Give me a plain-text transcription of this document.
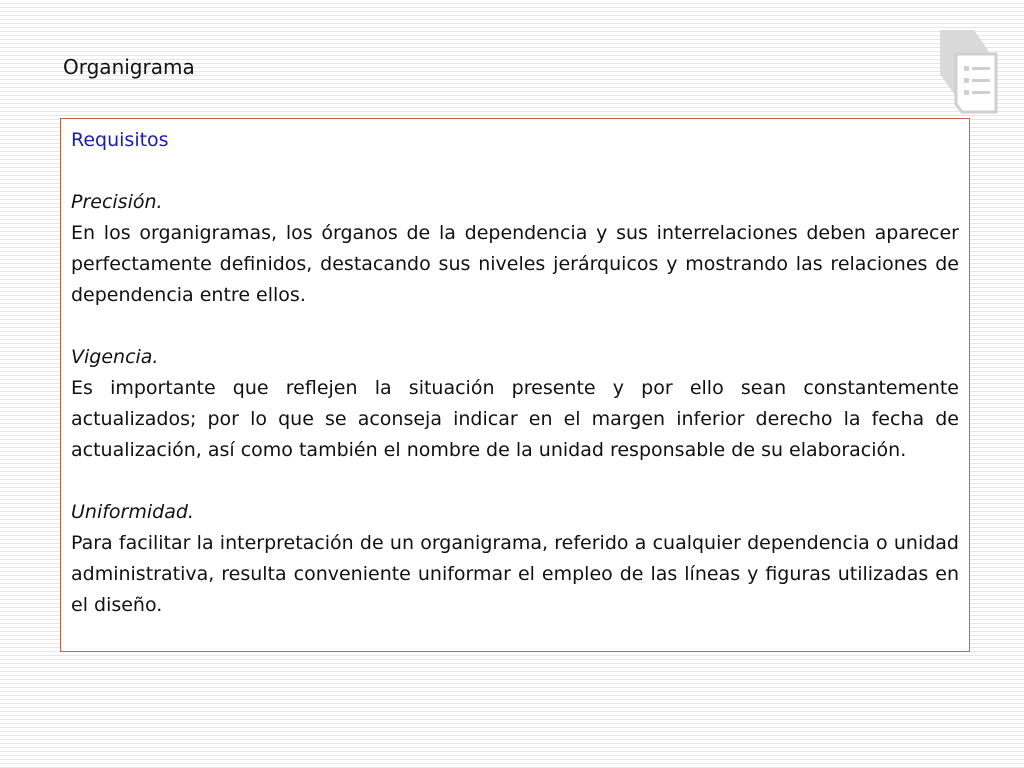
Organigrama

Requisitos

Precisión.

En los organigramas, los órganos de la dependencia y sus interrelaciones deben aparecer perfectamente definidos, destacando sus niveles jerárquicos y mostrando las relaciones de dependencia entre ellos.

Vigencia.

Es importante que reflejen la situación presente y por ello sean constantemente actualizados; por lo que se aconseja indicar en el margen inferior derecho la fecha de actualización, así como también el nombre de la unidad responsable de su elaboración.

Uniformidad.

Para facilitar la interpretación de un organigrama, referido a cualquier dependencia o unidad administrativa, resulta conveniente uniformar el empleo de las líneas y figuras utilizadas en el diseño.
